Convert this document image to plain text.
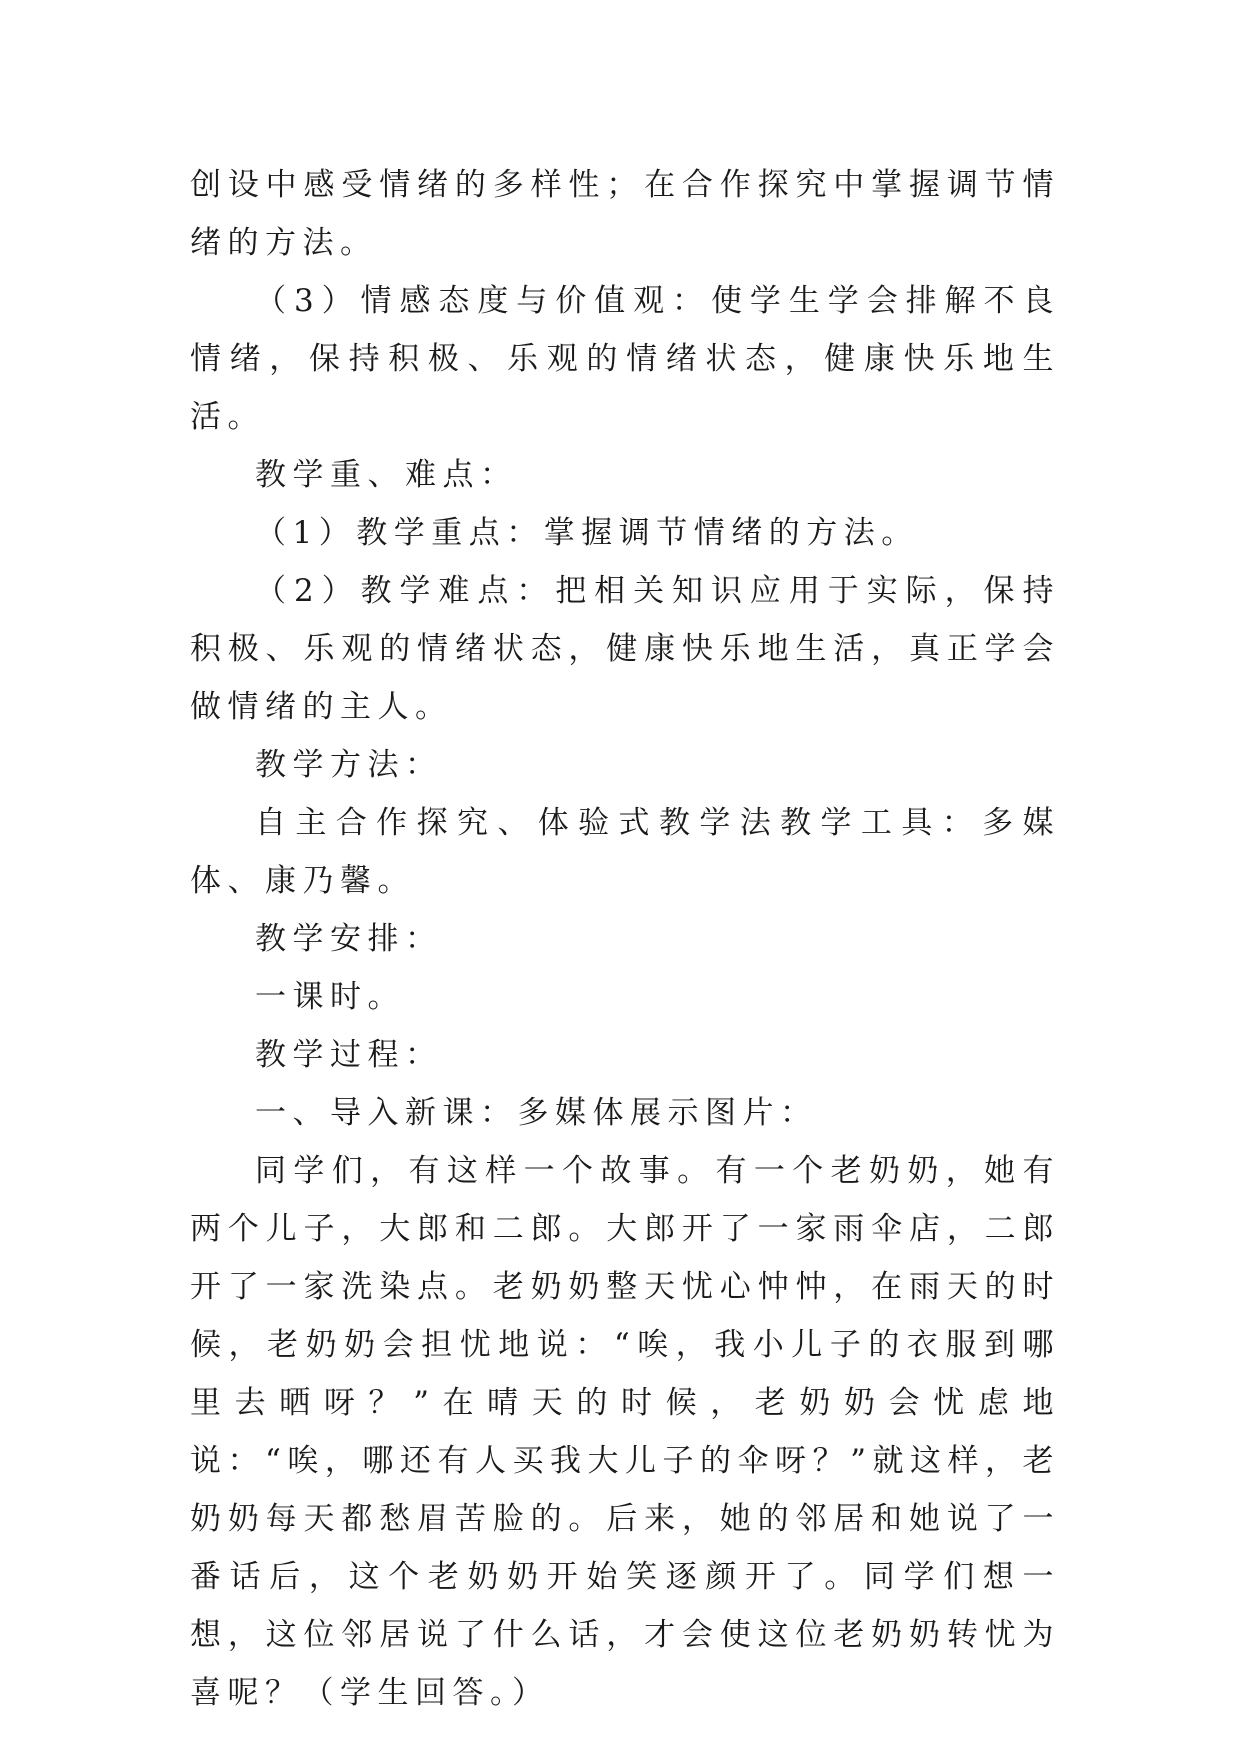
创设中感受情绪的多样性；在合作探究中掌握调节情绪的方法。

（3）情感态度与价值观：使学生学会排解不良情绪，保持积极、乐观的情绪状态，健康快乐地生活。

教学重、难点：

（1）教学重点：掌握调节情绪的方法。

（2）教学难点：把相关知识应用于实际，保持积极、乐观的情绪状态，健康快乐地生活，真正学会做情绪的主人。

教学方法：

自主合作探究、体验式教学法教学工具：多媒体、康乃馨。

教学安排：

一课时。

教学过程：

一、导入新课：多媒体展示图片：

同学们，有这样一个故事。有一个老奶奶，她有两个儿子，大郎和二郎。大郎开了一家雨伞店，二郎开了一家洗染点。老奶奶整天忧心忡忡，在雨天的时候，老奶奶会担忧地说：“唉，我小儿子的衣服到哪里去晒呀？”在晴天的时候，老奶奶会忧虑地说：“唉，哪还有人买我大儿子的伞呀？”就这样，老奶奶每天都愁眉苦脸的。后来，她的邻居和她说了一番话后，这个老奶奶开始笑逐颜开了。同学们想一想，这位邻居说了什么话，才会使这位老奶奶转忧为喜呢？（学生回答。）
